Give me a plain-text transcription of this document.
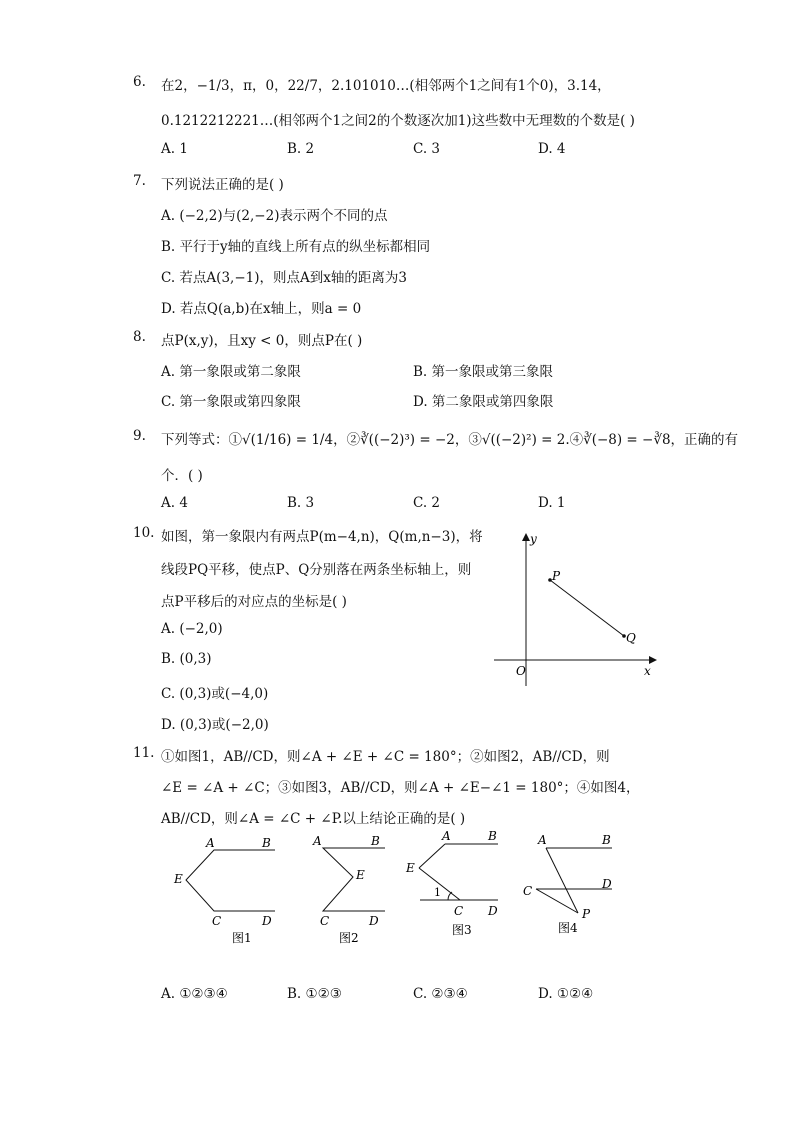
6. 在2，−1/3，π，0，22/7，2.101010…(相邻两个1之间有1个0)，3.14，
0.1212212221…(相邻两个1之间2的个数逐次加1)这些数中无理数的个数是( )
A. 1	B. 2	C. 3	D. 4
7. 下列说法正确的是( )
A. (−2,2)与(2,−2)表示两个不同的点
B. 平行于y轴的直线上所有点的纵坐标都相同
C. 若点A(3,−1)，则点A到x轴的距离为3
D. 若点Q(a,b)在x轴上，则a = 0
8. 点P(x,y)，且xy < 0，则点P在( )
A. 第一象限或第二象限	B. 第一象限或第三象限
C. 第一象限或第四象限	D. 第二象限或第四象限
9. 下列等式：①√(1/16) = 1/4，②∛((−2)³) = −2，③√((−2)²) = 2.④∛(−8) = −∛8，正确的有
个．( )
A. 4	B. 3	C. 2	D. 1
10. 如图，第一象限内有两点P(m−4,n)，Q(m,n−3)，将
线段PQ平移，使点P、Q分别落在两条坐标轴上，则
点P平移后的对应点的坐标是( )
A. (−2,0)
B. (0,3)
C. (0,3)或(−4,0)
D. (0,3)或(−2,0)
y
x
O
P
Q
11. ①如图1，AB//CD，则∠A + ∠E + ∠C = 180°；②如图2，AB//CD，则
∠E = ∠A + ∠C；③如图3，AB//CD，则∠A + ∠E−∠1 = 180°；④如图4，
AB//CD，则∠A = ∠C + ∠P.以上结论正确的是( )
A	B
E
C	D
图1
A	B
E
C	D
图2
A	B
E
1
C D
图3
A	B
C	D
P
图4
A. ①②③④	B. ①②③	C. ②③④	D. ①②④
